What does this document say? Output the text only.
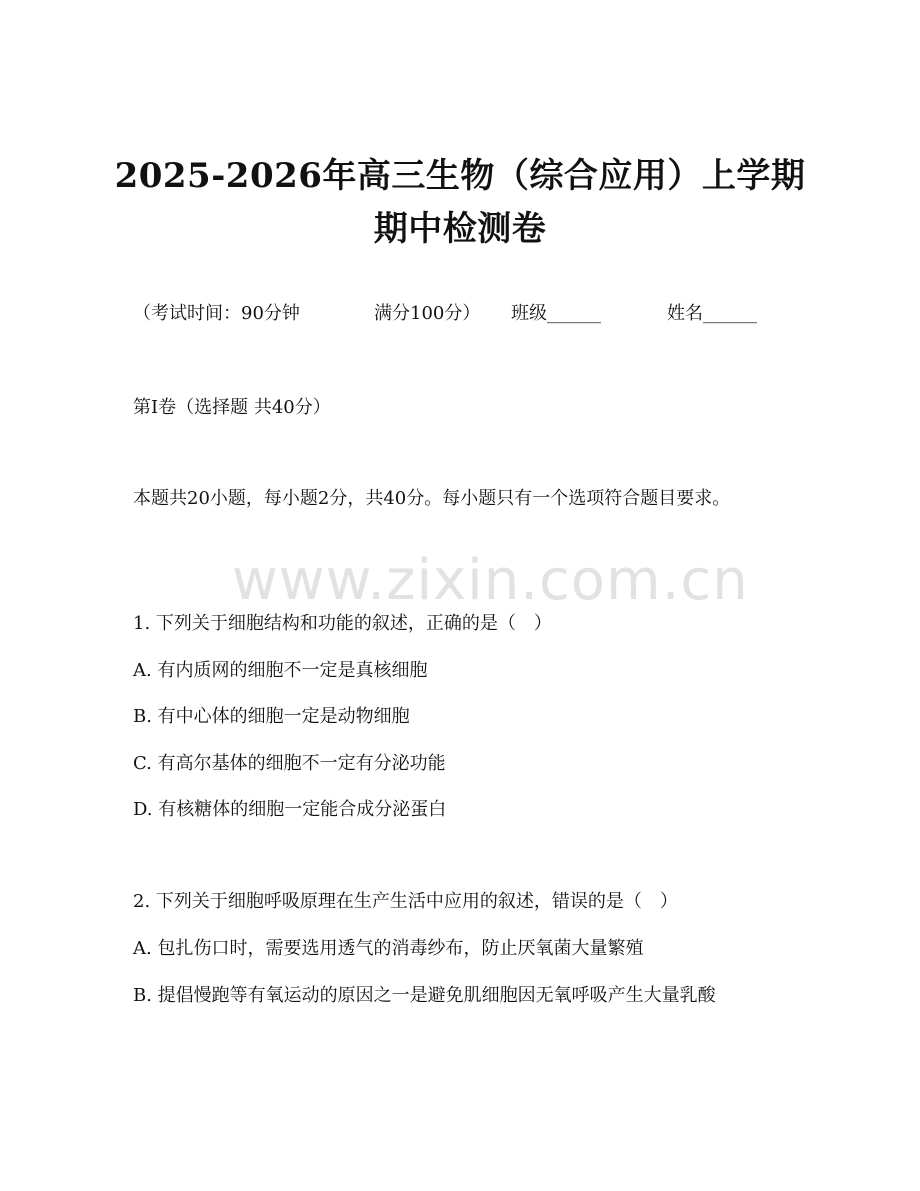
2025-2026年高三生物（综合应用）上学期
期中检测卷
（考试时间：90分钟	满分100分） 班级______	姓名______
第I卷（选择题 共40分）
本题共20小题，每小题2分，共40分。每小题只有一个选项符合题目要求。
www.zixin.com.cn
1. 下列关于细胞结构和功能的叙述，正确的是（　）
A. 有内质网的细胞不一定是真核细胞
B. 有中心体的细胞一定是动物细胞
C. 有高尔基体的细胞不一定有分泌功能
D. 有核糖体的细胞一定能合成分泌蛋白
2. 下列关于细胞呼吸原理在生产生活中应用的叙述，错误的是（　）
A. 包扎伤口时，需要选用透气的消毒纱布，防止厌氧菌大量繁殖
B. 提倡慢跑等有氧运动的原因之一是避免肌细胞因无氧呼吸产生大量乳酸
